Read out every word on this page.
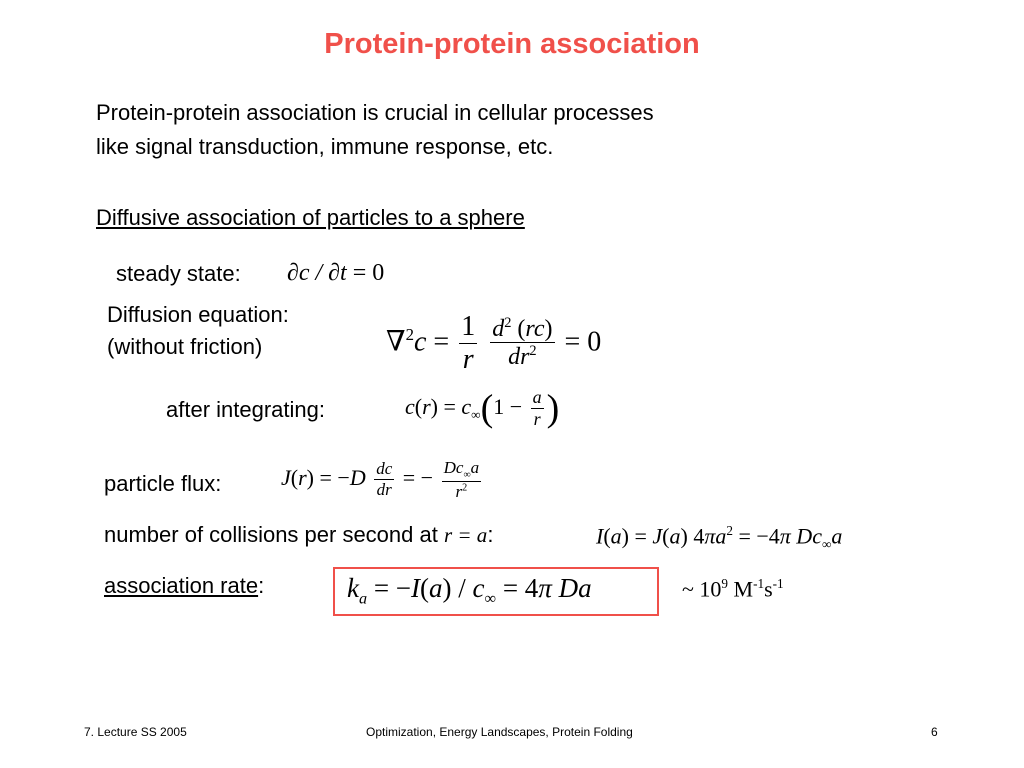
Protein-protein association
Protein-protein association is crucial in cellular processes
like signal transduction, immune response, etc.
Diffusive association of particles to a sphere
steady state: ∂c / ∂t = 0
Diffusion equation:
(without friction)	$\nabla^2c = \frac{1}{r}$
$\frac{d^2 (rc)}{dr^2} = 0$
after integrating:	$c(r) = c_\infty(1 - \frac{a}{r}$ )
particle flux:	$J(r) = -D \frac{dc}{dr}$ = − $\frac{Dc_\infty a}{r^2}$
number of collisions per second at r = a:	I(a) = J(a) $4\pi a^2 = -4\pi$ $Dc_\infty a$
association rate:	$k_a = -I(a) / c_\infty = 4\pi$ Da	~ $10^9$ $M^{-1}s^{-1}$
7. Lecture SS 2005	Optimization, Energy Landscapes, Protein Folding	6
